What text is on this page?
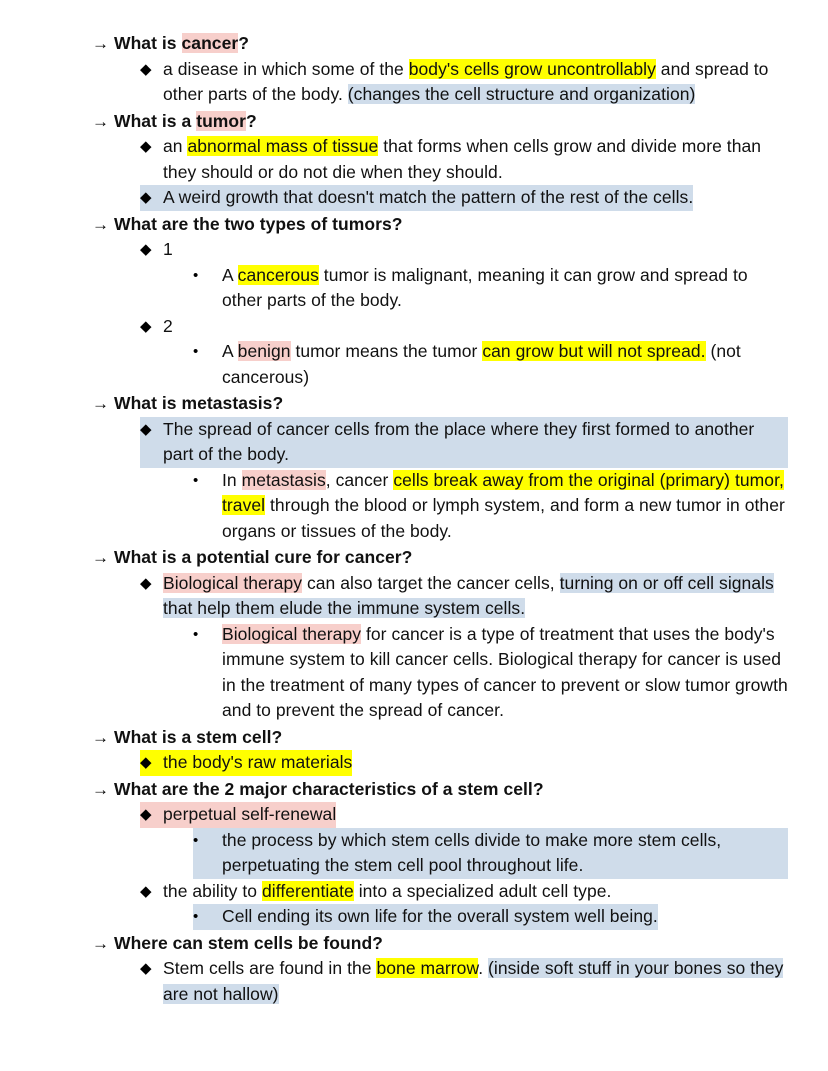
→ What is cancer?
◆ a disease in which some of the body's cells grow uncontrollably and spread to other parts of the body. (changes the cell structure and organization)
→ What is a tumor?
◆ an abnormal mass of tissue that forms when cells grow and divide more than they should or do not die when they should.
◆ A weird growth that doesn't match the pattern of the rest of the cells.
→ What are the two types of tumors?
◆ 1
•	A cancerous tumor is malignant, meaning it can grow and spread to other parts of the body.
◆ 2
•	A benign tumor means the tumor can grow but will not spread. (not cancerous)
→ What is metastasis?
◆ The spread of cancer cells from the place where they first formed to another part of the body.
•	In metastasis, cancer cells break away from the original (primary) tumor, travel through the blood or lymph system, and form a new tumor in other organs or tissues of the body.
→ What is a potential cure for cancer?
◆ Biological therapy can also target the cancer cells, turning on or off cell signals that help them elude the immune system cells.
•	Biological therapy for cancer is a type of treatment that uses the body's immune system to kill cancer cells. Biological therapy for cancer is used in the treatment of many types of cancer to prevent or slow tumor growth and to prevent the spread of cancer.
→ What is a stem cell?
◆ the body's raw materials
→ What are the 2 major characteristics of a stem cell?
◆ perpetual self-renewal
•	the process by which stem cells divide to make more stem cells, perpetuating the stem cell pool throughout life.
◆ the ability to differentiate into a specialized adult cell type.
•	Cell ending its own life for the overall system well being.
→ Where can stem cells be found?
◆ Stem cells are found in the bone marrow. (inside soft stuff in your bones so they are not hallow)
